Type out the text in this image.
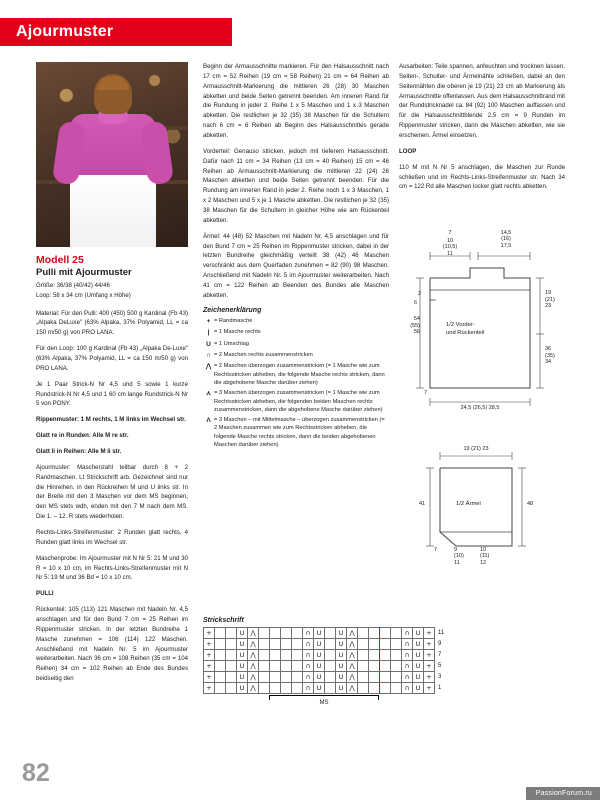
Ajourmuster
Modell 25
Pulli mit Ajourmuster
Größe: 36/38 (40/42) 44/46
Loop: 58 x 34 cm (Umfang x Höhe)
Material: Für den Pulli: 400 (450) 500 g Kardinal (Fb 43) „Alpaka DeLuxe" (63% Alpaka, 37% Polyamid, LL = ca 150 m/50 g) von PRO LANA.
Für den Loop: 100 g Kardinal (Fb 43) „Alpaka De-Luxe" (63% Alpaka, 37% Polyamid, LL = ca 150 m/50 g) von PRO LANA.
Je 1 Paar Strick-N Nr 4,5 und 5 sowie 1 kurze Rundstrick-N Nr 4,5 und 1 60 cm lange Rundstrick-N Nr 5 von PONY.
Rippenmuster: 1 M rechts, 1 M links im Wechsel str.
Glatt re in Runden: Alle M re str.
Glatt li in Reihen: Alle M li str.
Ajourmuster: Maschenzahl teilbar durch 8 + 2 Randmaschen. Lt Strickschrift arb. Gezeichnet sind nur die Hinreihen, in den Rückreihen M und U links str. In der Breite mit den 3 Maschen vor dem MS beginnen, den MS stets wdh, enden mit den 7 M nach dem MS. Die 1. – 12. R stets wiederholen.
Rechts-Links-Streifenmuster: 2 Runden glatt rechts, 4 Runden glatt links im Wechsel str.
Maschenprobe: Im Ajourmuster mit N Nr 5: 21 M und 30 R = 10 x 10 cm, im Rechts-Links-Streifenmuster mit N Nr 5: 19 M und 36 Bd = 10 x 10 cm.
PULLI
Rückenteil: 105 (113) 121 Maschen mit Nadeln Nr. 4,5 anschlagen und für den Bund 7 cm = 25 Reihen im Rippenmuster stricken. In der letzten Bundreihe 1 Masche zunehmen = 106 (114) 122 Maschen. Anschließend mit Nadeln Nr. 5 im Ajourmuster weiterarbeiten. Nach 36 cm = 108 Reihen (35 cm = 104 Reihen) 34 cm = 102 Reihen ab Ende des Bundes beidseitig den
Beginn der Armausschnitte markieren. Für den Halsausschnitt nach 17 cm = 52 Reihen (19 cm = 58 Reihen) 21 cm = 64 Reihen ab Armausschnitt-Markierung die mittleren 26 (28) 30 Maschen abketten und beide Seiten getrennt beenden. Am inneren Rand für die Rundung in jeder 2. Reihe 1 x 5 Maschen und 1 x 3 Maschen abketten. Die restlichen je 32 (35) 38 Maschen für die Schultern nach 6 cm = 6 Reihen ab Beginn des Halsausschnittes gerade abketten.
Vorderteil: Genauso stricken, jedoch mit tieferem Halsausschnitt. Dafür nach 11 cm = 34 Reihen (13 cm = 40 Reihen) 15 cm = 46 Reihen ab Armausschnitt-Markierung die mittleren 22 (24) 26 Maschen abketten und beide Seiten getrennt beenden. Für die Rundung am inneren Rand in jeder 2. Reihe noch 1 x 3 Maschen, 1 x 2 Maschen und 5 x je 1 Masche abketten. Die restlichen je 32 (35) 38 Maschen für die Schultern in gleicher Höhe wie am Rückenteil abketten.
Ärmel: 44 (48) 52 Maschen mit Nadeln Nr. 4,5 anschlagen und für den Bund 7 cm = 25 Reihen im Rippenmuster stricken, dabei in der letzten Bundreihe gleichmäßig verteilt 38 (42) 46 Maschen verschränkt aus dem Querfaden zunehmen = 82 (90) 98 Maschen. Anschließend mit Nadeln Nr. 5 im Ajourmuster weiterarbeiten. Nach 41 cm = 122 Reihen ab Beenden des Bundes alle Maschen abketten.
Zeichenerklärung
+ = Randmasche
| = 1 Masche rechts
U = 1 Umschlag
∩ = 2 Maschen rechts zusammenstricken
⋀ = 2 Maschen überzogen zusammenstricken (= 1 Masche wie zum Rechtsstricken abheben, die folgende Masche rechts stricken, dann die abgehobene Masche darüber ziehen)
⋏ = 3 Maschen überzogen zusammenstricken (= 1 Masche wie zum Rechtsstricken abheben, die folgenden beiden Maschen rechts zusammenstricken, dann die abgehobene Masche darüber ziehen)
Ʌ = 3 Maschen – mit Mittelmasche – überzogen zusammenstricken (= 2 Maschen zusammen wie zum Rechtsstricken abheben, die folgende Masche rechts stricken, dann die beiden abgehobenen Maschen darüber ziehen)
Ausarbeiten: Teile spannen, anfeuchten und trocknen lassen. Seiten-, Schulter- und Ärmelnähte schließen, dabei an den Seitennähten die oberen je 19 (21) 23 cm ab Markierung als Armausschnitte offenlassen. Aus dem Halsausschnittrand mit der Rundstricknadel ca. 84 (92) 100 Maschen auffassen und für die Halsausschnittblende 2,5 cm = 9 Runden im Rippenmuster stricken, dann die Maschen abketten, wie sie erscheinen. Ärmel einsetzen.
LOOP
110 M mit N Nr 5 anschlagen, die Maschen zur Runde schließen und im Rechts-Links-Streifenmuster str. Nach 34 cm = 122 Rd alle Maschen locker glatt rechts abketten.
7
10
(10,5)
11
14,5
(16)
17,5
2
6
19
(21)
23
36
(35)
34
54
(55)
56
1/2 Vorder-
und Rückenteil
7
24,5 (26,5) 28,5
19 (21) 23
41	1/2 Ärmel	48
7	9
(10)
11
10
(11)
12
Strickschrift
+			U	⋀					∩	U		U	⋀					∩	U	+	11
+			U	⋀					∩	U		U	⋀					∩	U	+	9
+			U	⋀					∩	U		U	⋀					∩	U	+	7
+			U	⋀					∩	U		U	⋀					∩	U	+	5
+			U	⋀					∩	U		U	⋀					∩	U	+	3
+			U	⋀					∩	U		U	⋀					∩	U	+	1
MS
82
PassionForum.ru
